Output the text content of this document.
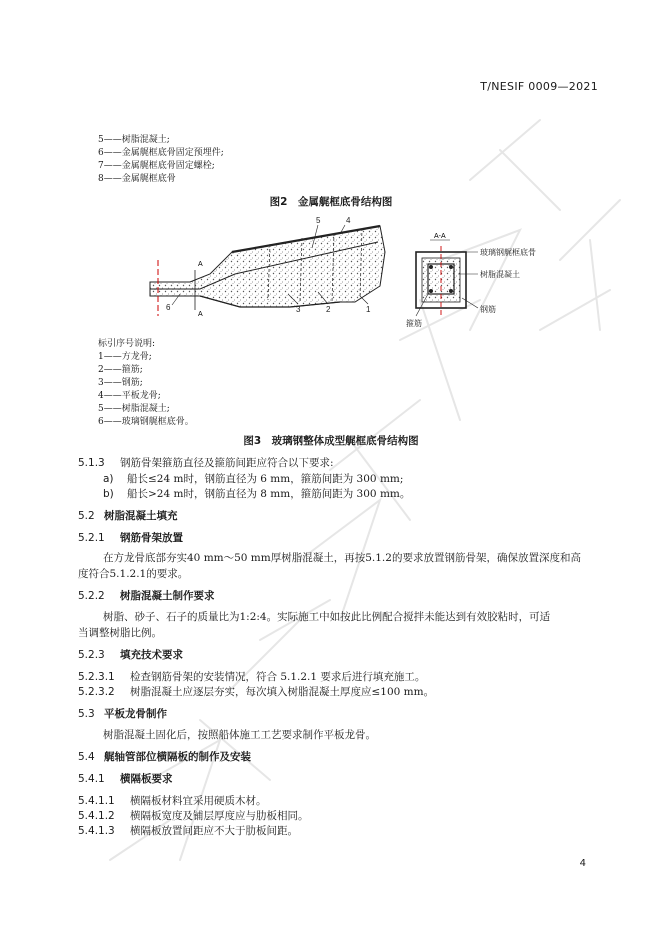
T/NESIF 0009—2021
5——树脂混凝土;
6——金属艉框底骨固定预埋件;
7——金属艉框底骨固定螺栓;
8——金属艉框底骨
图2　金属艉框底骨结构图
A
A
5	4
6	3	2	1
A-A
玻璃钢艉框底骨
树脂混凝土
钢筋
箍筋
标引序号说明:
1——方龙骨;
2——箍筋;
3——钢筋;
4——平板龙骨;
5——树脂混凝土;
6——玻璃钢艉框底骨。
图3　玻璃钢整体成型艉框底骨结构图
5.1.3 钢筋骨架箍筋直径及箍筋间距应符合以下要求:
a) 船长≤24 m时，钢筋直径为 6 mm，箍筋间距为 300 mm;
b) 船长>24 m时，钢筋直径为 8 mm，箍筋间距为 300 mm。
5.2 树脂混凝土填充
5.2.1 钢筋骨架放置
在方龙骨底部夯实40 mm～50 mm厚树脂混凝土，再按5.1.2的要求放置钢筋骨架，确保放置深度和高
度符合5.1.2.1的要求。
5.2.2 树脂混凝土制作要求
树脂、砂子、石子的质量比为1:2:4。实际施工中如按此比例配合搅拌未能达到有效胶粘时，可适
当调整树脂比例。
5.2.3 填充技术要求
5.2.3.1 检查钢筋骨架的安装情况，符合 5.1.2.1 要求后进行填充施工。
5.2.3.2 树脂混凝土应逐层夯实，每次填入树脂混凝土厚度应≤100 mm。
5.3 平板龙骨制作
树脂混凝土固化后，按照船体施工工艺要求制作平板龙骨。
5.4 艉轴管部位横隔板的制作及安装
5.4.1 横隔板要求
5.4.1.1 横隔板材料宜采用硬质木材。
5.4.1.2 横隔板宽度及铺层厚度应与肋板相同。
5.4.1.3 横隔板放置间距应不大于肋板间距。
4
